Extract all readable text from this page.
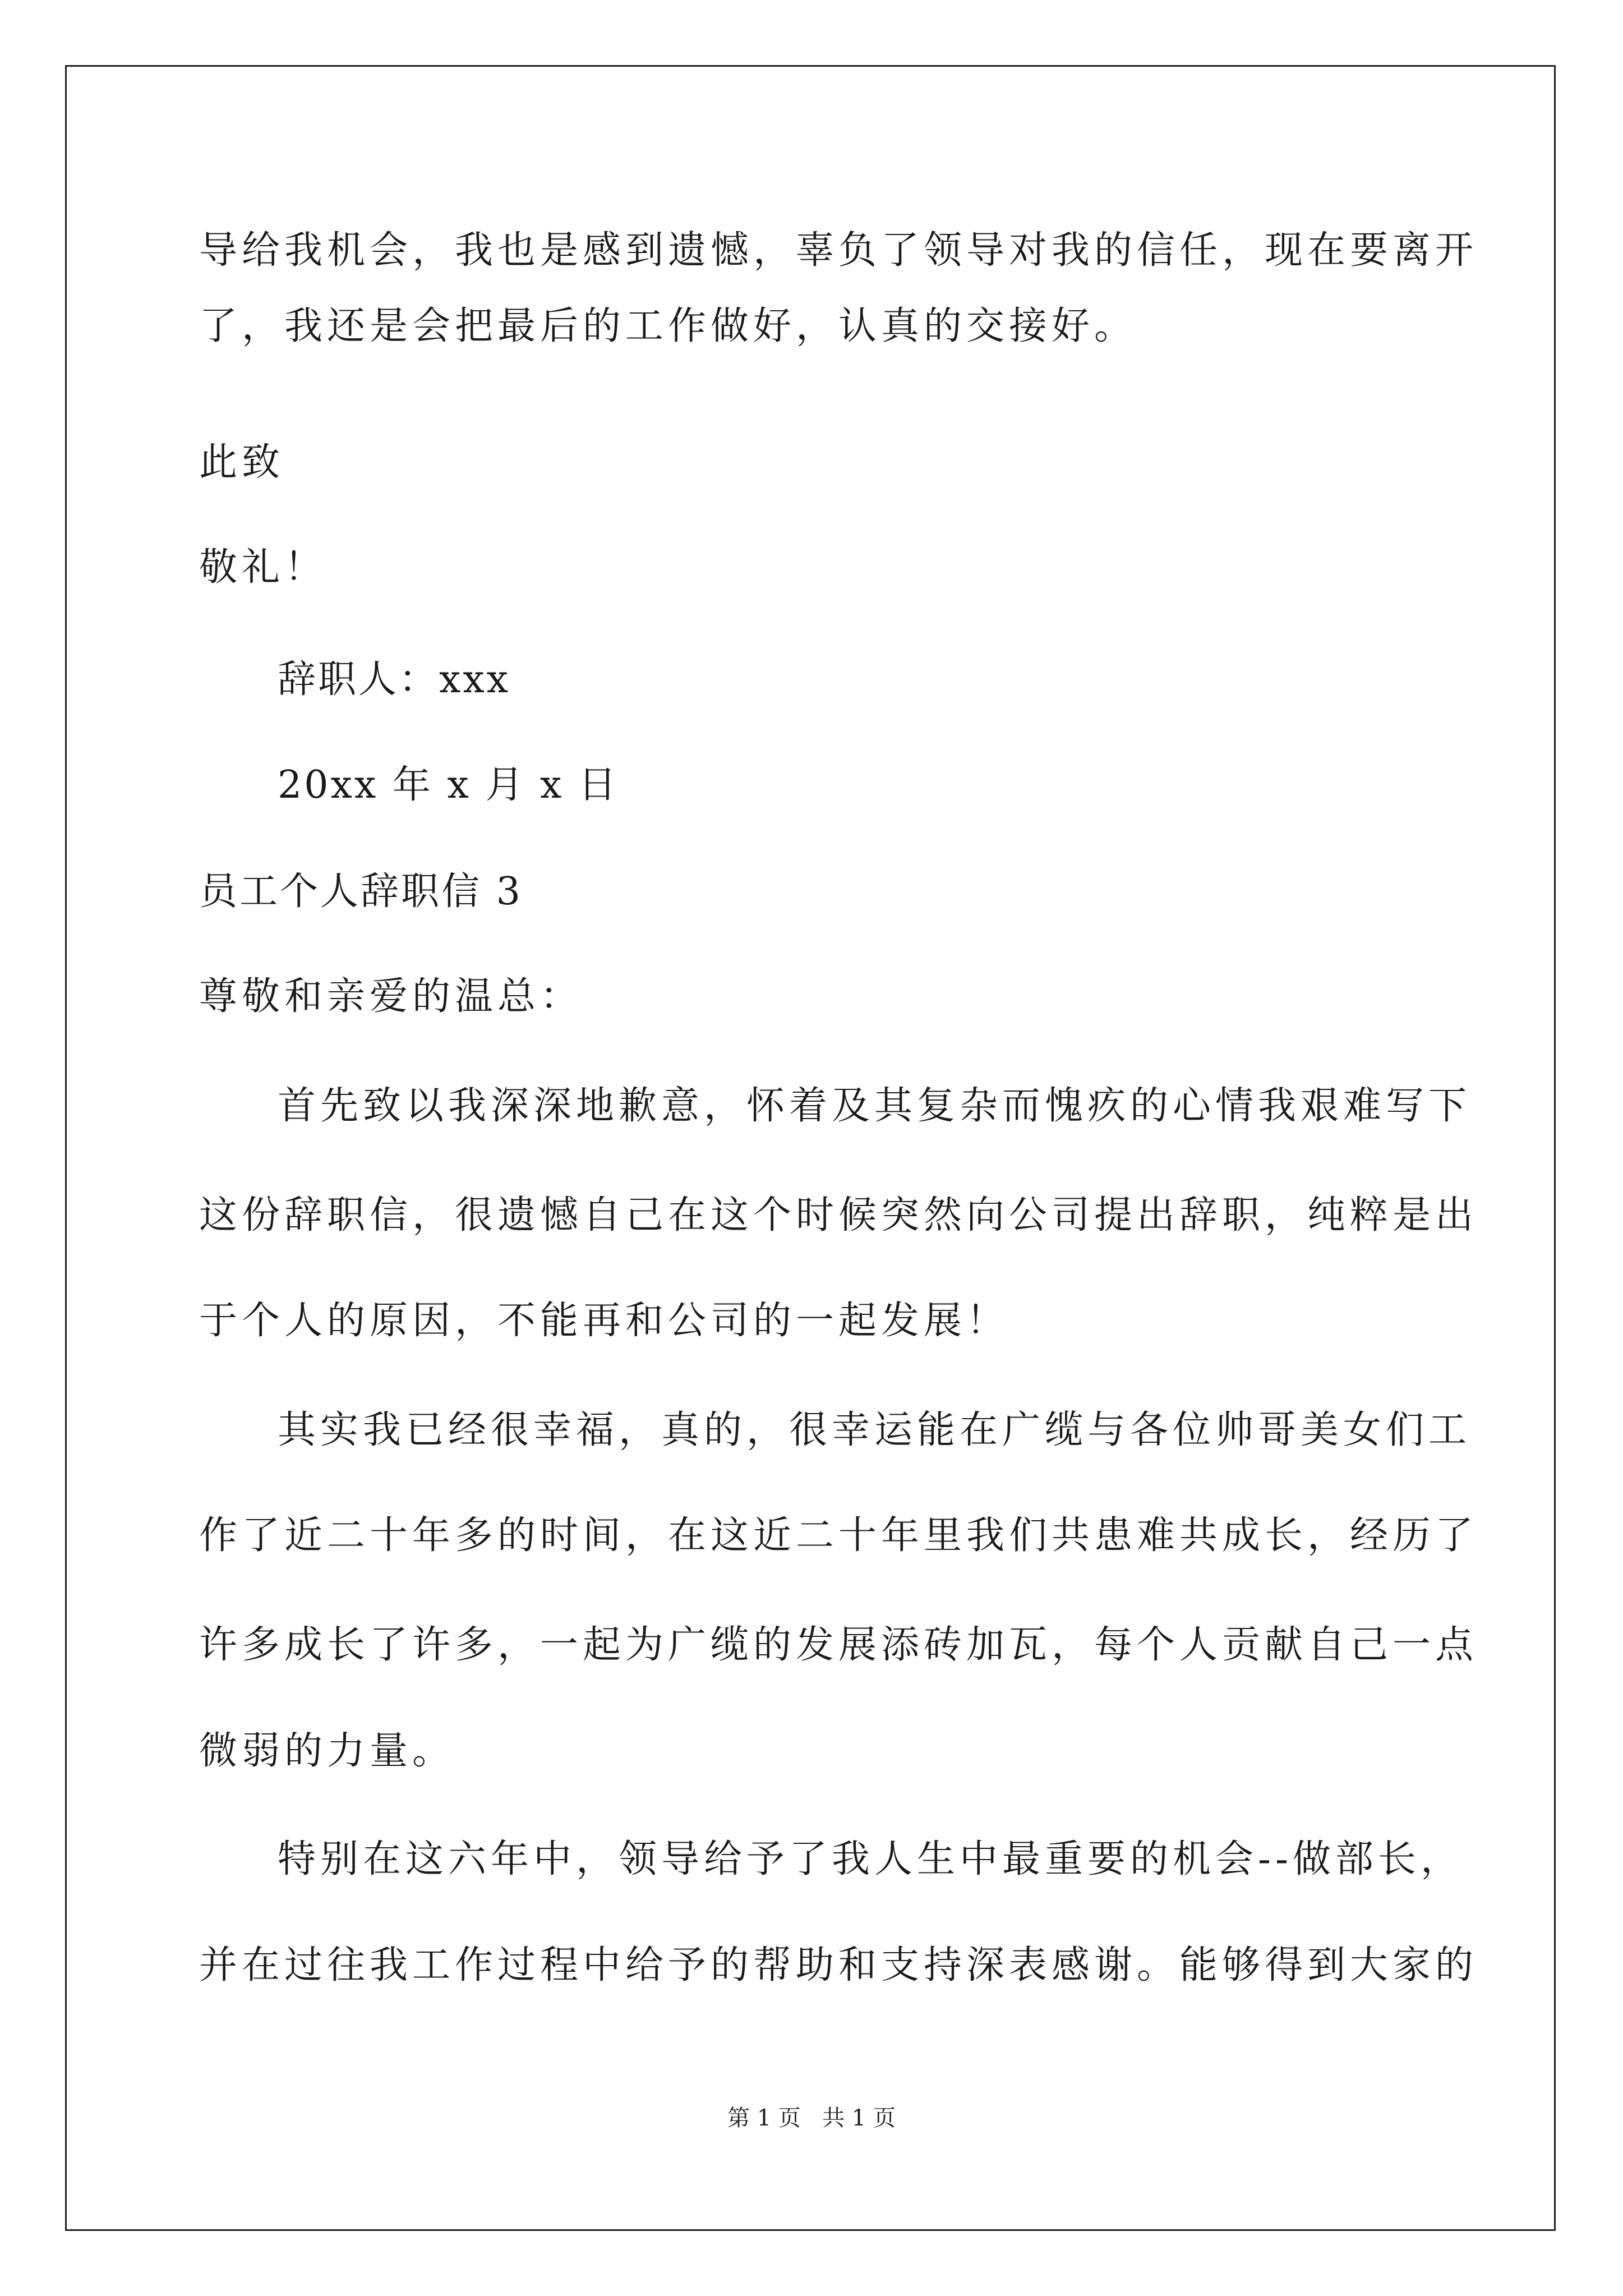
导给我机会，我也是感到遗憾，辜负了领导对我的信任，现在要离开

了，我还是会把最后的工作做好，认真的交接好。

此致

敬礼！

辞职人：xxx

20xx 年 x 月 x 日

员工个人辞职信 3

尊敬和亲爱的温总：

首先致以我深深地歉意，怀着及其复杂而愧疚的心情我艰难写下

这份辞职信，很遗憾自己在这个时候突然向公司提出辞职，纯粹是出

于个人的原因，不能再和公司的一起发展！

其实我已经很幸福，真的，很幸运能在广缆与各位帅哥美女们工

作了近二十年多的时间，在这近二十年里我们共患难共成长，经历了

许多成长了许多，一起为广缆的发展添砖加瓦，每个人贡献自己一点

微弱的力量。

特别在这六年中，领导给予了我人生中最重要的机会--做部长，

并在过往我工作过程中给予的帮助和支持深表感谢。能够得到大家的

第 1 页   共 1 页
